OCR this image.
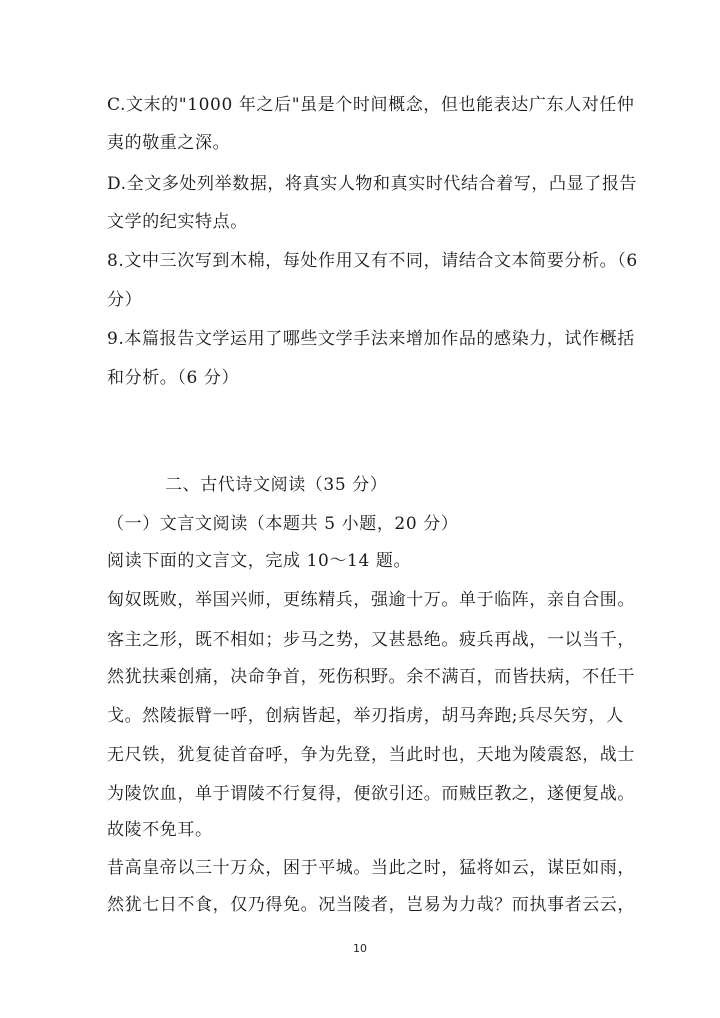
C.文末的"1000 年之后"虽是个时间概念，但也能表达广东人对任仲
夷的敬重之深。
D.全文多处列举数据，将真实人物和真实时代结合着写，凸显了报告
文学的纪实特点。
8.文中三次写到木棉，每处作用又有不同，请结合文本简要分析。（6
分）
9.本篇报告文学运用了哪些文学手法来增加作品的感染力，试作概括
和分析。（6 分）
二、古代诗文阅读（35 分）
（一）文言文阅读（本题共 5 小题，20 分）
阅读下面的文言文，完成 10～14 题。
匈奴既败，举国兴师，更练精兵，强逾十万。单于临阵，亲自合围。
客主之形，既不相如；步马之势，又甚悬绝。疲兵再战，一以当千，
然犹扶乘创痛，决命争首，死伤积野。余不满百，而皆扶病，不任干
戈。然陵振臂一呼，创病皆起，举刃指虏，胡马奔跑;兵尽矢穷，人
无尺铁，犹复徒首奋呼，争为先登，当此时也，天地为陵震怒，战士
为陵饮血，单于谓陵不行复得，便欲引还。而贼臣教之，遂便复战。
故陵不免耳。
昔高皇帝以三十万众，困于平城。当此之时，猛将如云，谋臣如雨，
然犹七日不食，仅乃得免。况当陵者，岂易为力哉？而执事者云云，
10
